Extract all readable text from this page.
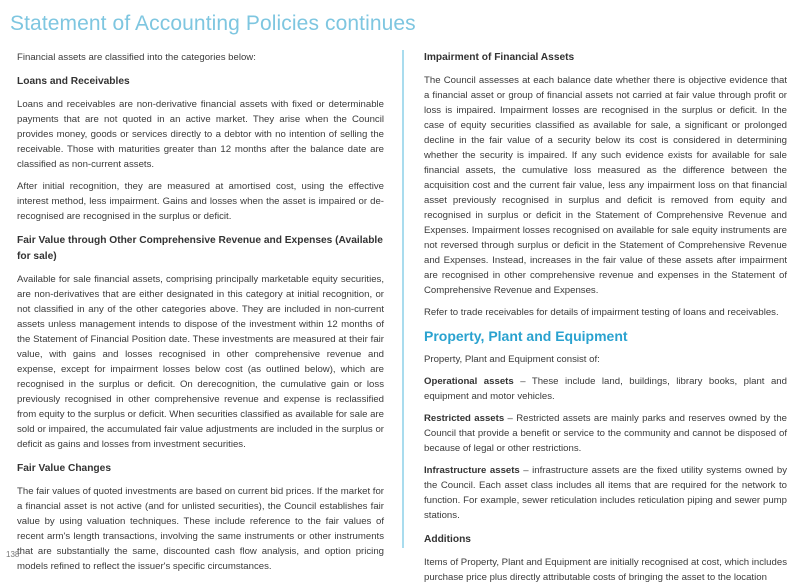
Statement of Accounting Policies continues

Financial assets are classified into the categories below:

Loans and Receivables

Loans and receivables are non-derivative financial assets with fixed or determinable payments that are not quoted in an active market. They arise when the Council provides money, goods or services directly to a debtor with no intention of selling the receivable. Those with maturities greater than 12 months after the balance date are classified as non-current assets.

After initial recognition, they are measured at amortised cost, using the effective interest method, less impairment. Gains and losses when the asset is impaired or de-recognised are recognised in the surplus or deficit.

Fair Value through Other Comprehensive Revenue and Expenses (Available for sale)

Available for sale financial assets, comprising principally marketable equity securities, are non-derivatives that are either designated in this category at initial recognition, or not classified in any of the other categories above. They are included in non-current assets unless management intends to dispose of the investment within 12 months of the Statement of Financial Position date. These investments are measured at their fair value, with gains and losses recognised in other comprehensive revenue and expense, except for impairment losses below cost (as outlined below), which are recognised in the surplus or deficit. On derecognition, the cumulative gain or loss previously recognised in other comprehensive revenue and expense is reclassified from equity to the surplus or deficit. When securities classified as available for sale are sold or impaired, the accumulated fair value adjustments are included in the surplus or deficit as gains and losses from investment securities.

Fair Value Changes

The fair values of quoted investments are based on current bid prices. If the market for a financial asset is not active (and for unlisted securities), the Council establishes fair value by using valuation techniques. These include reference to the fair values of recent arm's length transactions, involving the same instruments or other instruments that are substantially the same, discounted cash flow analysis, and option pricing models refined to reflect the issuer's specific circumstances.

Impairment of Financial Assets

The Council assesses at each balance date whether there is objective evidence that a financial asset or group of financial assets not carried at fair value through profit or loss is impaired. Impairment losses are recognised in the surplus or deficit. In the case of equity securities classified as available for sale, a significant or prolonged decline in the fair value of a security below its cost is considered in determining whether the security is impaired. If any such evidence exists for available for sale financial assets, the cumulative loss measured as the difference between the acquisition cost and the current fair value, less any impairment loss on that financial asset previously recognised in surplus and deficit is removed from equity and recognised in surplus or deficit in the Statement of Comprehensive Revenue and Expenses. Impairment losses recognised on available for sale equity instruments are not reversed through surplus or deficit in the Statement of Comprehensive Revenue and Expenses. Instead, increases in the fair value of these assets after impairment are recognised in other comprehensive revenue and expenses in the Statement of Comprehensive Revenue and Expenses.

Refer to trade receivables for details of impairment testing of loans and receivables.

Property, Plant and Equipment

Property, Plant and Equipment consist of:

Operational assets – These include land, buildings, library books, plant and equipment and motor vehicles.

Restricted assets – Restricted assets are mainly parks and reserves owned by the Council that provide a benefit or service to the community and cannot be disposed of because of legal or other restrictions.

Infrastructure assets – infrastructure assets are the fixed utility systems owned by the Council. Each asset class includes all items that are required for the network to function. For example, sewer reticulation includes reticulation piping and sewer pump stations.

Additions

Items of Property, Plant and Equipment are initially recognised at cost, which includes purchase price plus directly attributable costs of bringing the asset to the location

138
